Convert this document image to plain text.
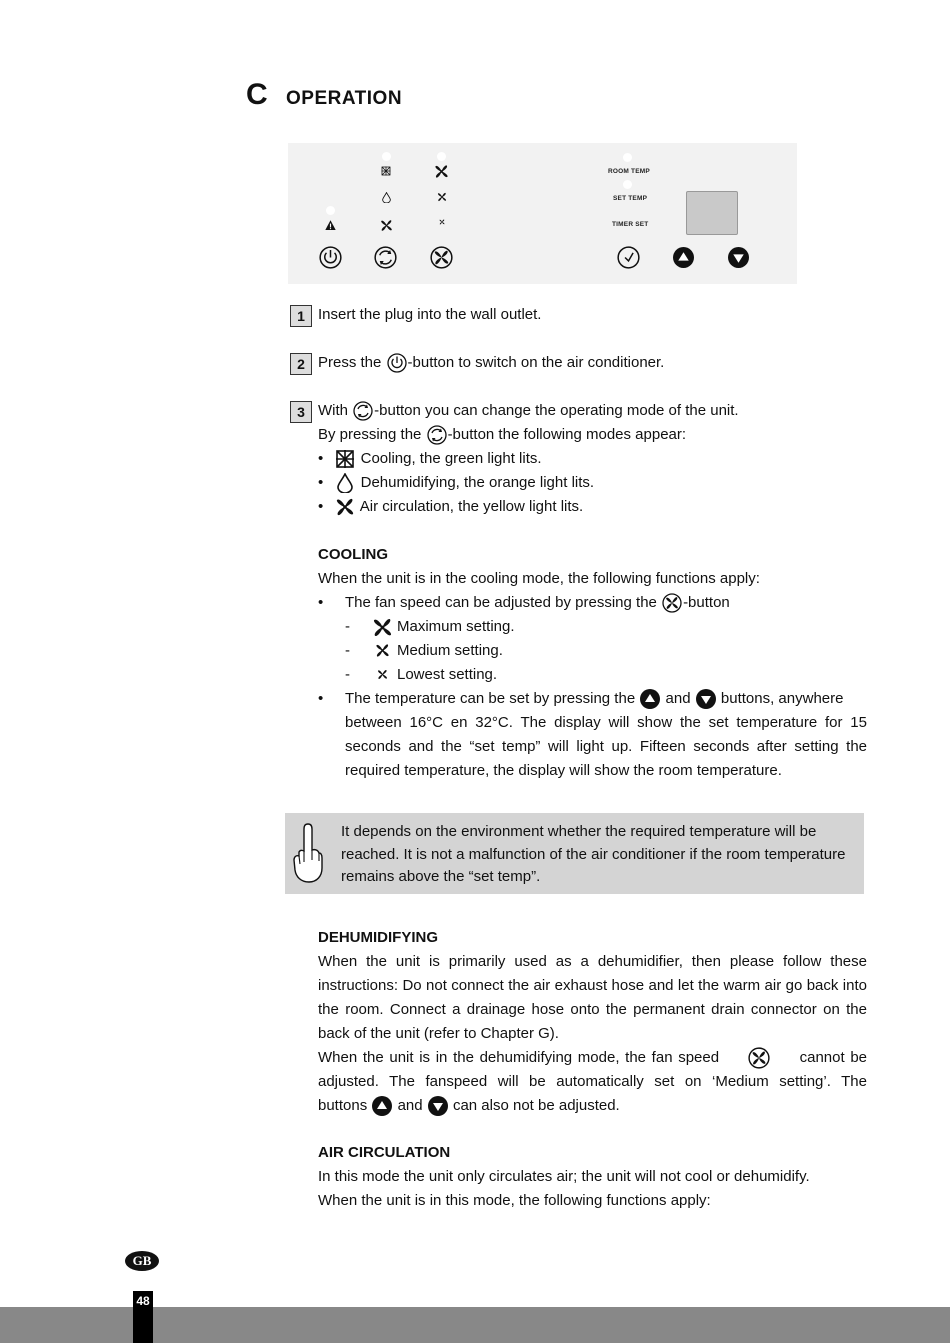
C OPERATION
ROOM TEMP
SET TEMP
TIMER SET
1 Insert the plug into the wall outlet.
2 Press the -button to switch on the air conditioner.
3 With -button you can change the operating mode of the unit.
By pressing the -button the following modes appear:
• Cooling, the green light lits.
• Dehumidifying, the orange light lits.
• Air circulation, the yellow light lits.
COOLING
When the unit is in the cooling mode, the following functions apply:
• The fan speed can be adjusted by pressing the -button
-	Maximum setting.
-	Medium setting.
-	Lowest setting.
• The temperature can be set by pressing the  and buttons, anywhere
between 16°C en 32°C. The display will show the set temperature for 15
seconds and the “set temp” will light up. Fifteen seconds after setting the
required temperature, the display will show the room temperature.
It depends on the environment whether the required temperature will be reached. It is not a malfunction of the air conditioner if the room temperature remains above the “set temp”.
DEHUMIDIFYING
When the unit is primarily used as a dehumidifier, then please follow these instructions: Do not connect the air exhaust hose and let the warm air go back into the room. Connect a drainage hose onto the permanent drain connector on the back of the unit (refer to Chapter G).
When the unit is in the dehumidifying mode, the fan speed	cannot be
adjusted. The fanspeed will be automatically set on ‘Medium setting’. The
buttons and can also not be adjusted.
AIR CIRCULATION
In this mode the unit only circulates air; the unit will not cool or dehumidify.
When the unit is in this mode, the following functions apply:
GB
48
